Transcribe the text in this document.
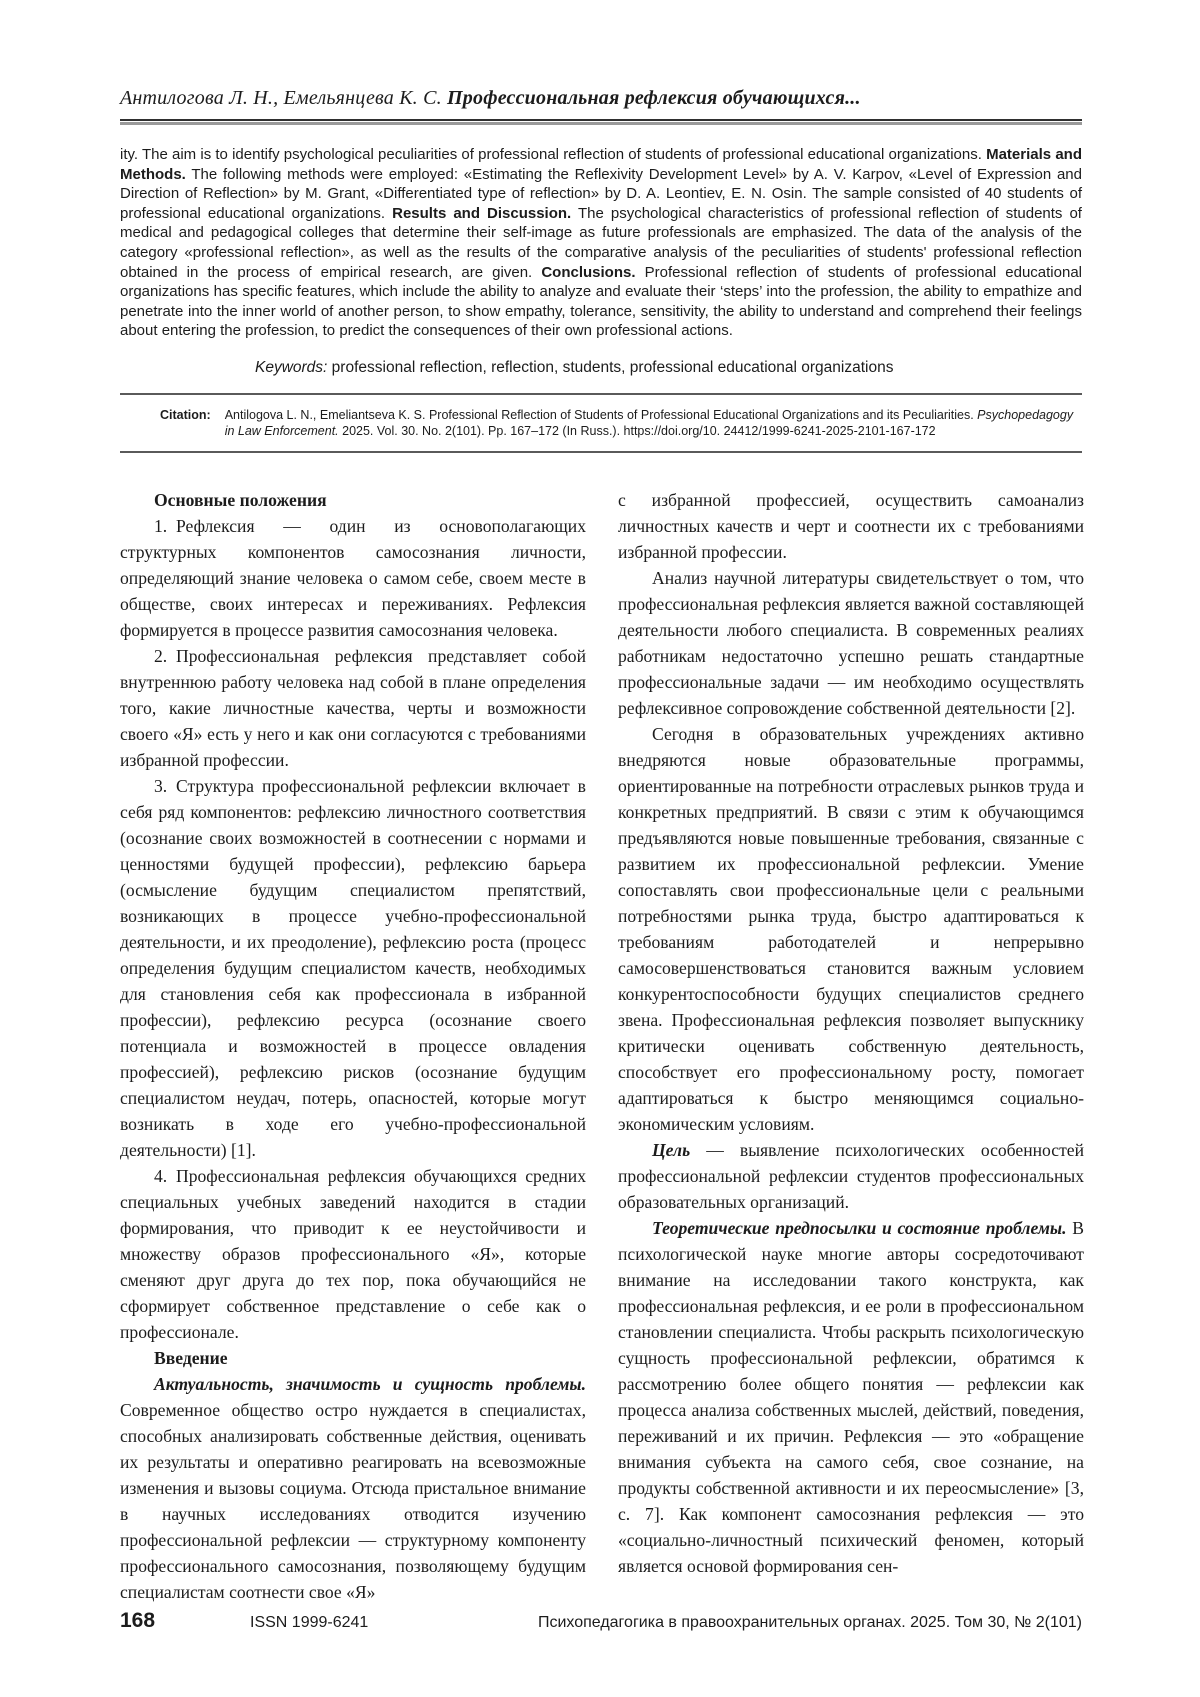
Антилогова Л. Н., Емельянцева К. С. Профессиональная рефлексия обучающихся...
ity. The aim is to identify psychological peculiarities of professional reflection of students of professional educational organizations. Materials and Methods. The following methods were employed: «Estimating the Reflexivity Development Level» by A. V. Karpov, «Level of Expression and Direction of Reflection» by M. Grant, «Differentiated type of reflection» by D. A. Leontiev, E. N. Osin. The sample consisted of 40 students of professional educational organizations. Results and Discussion. The psychological characteristics of professional reflection of students of medical and pedagogical colleges that determine their self-image as future professionals are emphasized. The data of the analysis of the category «professional reflection», as well as the results of the comparative analysis of the peculiarities of students' professional reflection obtained in the process of empirical research, are given. Conclusions. Professional reflection of students of professional educational organizations has specific features, which include the ability to analyze and evaluate their ‘steps’ into the profession, the ability to empathize and penetrate into the inner world of another person, to show empathy, tolerance, sensitivity, the ability to understand and comprehend their feelings about entering the profession, to predict the consequences of their own professional actions.
Keywords: professional reflection, reflection, students, professional educational organizations
Citation: Antilogova L. N., Emeliantseva K. S. Professional Reflection of Students of Professional Educational Organizations and its Peculiarities. Psychopedagogy in Law Enforcement. 2025. Vol. 30. No. 2(101). Pp. 167–172 (In Russ.). https://doi.org/10. 24412/1999-6241-2025-2101-167-172
Основные положения
1. Рефлексия — один из основополагающих структурных компонентов самосознания личности, определяющий знание человека о самом себе, своем месте в обществе, своих интересах и переживаниях. Рефлексия формируется в процессе развития самосознания человека.
2. Профессиональная рефлексия представляет собой внутреннюю работу человека над собой в плане определения того, какие личностные качества, черты и возможности своего «Я» есть у него и как они согласуются с требованиями избранной профессии.
3. Структура профессиональной рефлексии включает в себя ряд компонентов: рефлексию личностного соответствия (осознание своих возможностей в соотнесении с нормами и ценностями будущей профессии), рефлексию барьера (осмысление будущим специалистом препятствий, возникающих в процессе учебно-профессиональной деятельности, и их преодоление), рефлексию роста (процесс определения будущим специалистом качеств, необходимых для становления себя как профессионала в избранной профессии), рефлексию ресурса (осознание своего потенциала и возможностей в процессе овладения профессией), рефлексию рисков (осознание будущим специалистом неудач, потерь, опасностей, которые могут возникать в ходе его учебно-профессиональной деятельности) [1].
4. Профессиональная рефлексия обучающихся средних специальных учебных заведений находится в стадии формирования, что приводит к ее неустойчивости и множеству образов профессионального «Я», которые сменяют друг друга до тех пор, пока обучающийся не сформирует собственное представление о себе как о профессионале.
Введение
Актуальность, значимость и сущность проблемы. Современное общество остро нуждается в специалистах, способных анализировать собственные действия, оценивать их результаты и оперативно реагировать на всевозможные изменения и вызовы социума. Отсюда пристальное внимание в научных исследованиях отводится изучению профессиональной рефлексии — структурному компоненту профессионального самосознания, позволяющему будущим специалистам соотнести свое «Я»
с избранной профессией, осуществить самоанализ личностных качеств и черт и соотнести их с требованиями избранной профессии.
Анализ научной литературы свидетельствует о том, что профессиональная рефлексия является важной составляющей деятельности любого специалиста. В современных реалиях работникам недостаточно успешно решать стандартные профессиональные задачи — им необходимо осуществлять рефлексивное сопровождение собственной деятельности [2].
Сегодня в образовательных учреждениях активно внедряются новые образовательные программы, ориентированные на потребности отраслевых рынков труда и конкретных предприятий. В связи с этим к обучающимся предъявляются новые повышенные требования, связанные с развитием их профессиональной рефлексии. Умение сопоставлять свои профессиональные цели с реальными потребностями рынка труда, быстро адаптироваться к требованиям работодателей и непрерывно самосовершенствоваться становится важным условием конкурентоспособности будущих специалистов среднего звена. Профессиональная рефлексия позволяет выпускнику критически оценивать собственную деятельность, способствует его профессиональному росту, помогает адаптироваться к быстро меняющимся социально-экономическим условиям.
Цель — выявление психологических особенностей профессиональной рефлексии студентов профессиональных образовательных организаций.
Теоретические предпосылки и состояние проблемы. В психологической науке многие авторы сосредоточивают внимание на исследовании такого конструкта, как профессиональная рефлексия, и ее роли в профессиональном становлении специалиста. Чтобы раскрыть психологическую сущность профессиональной рефлексии, обратимся к рассмотрению более общего понятия — рефлексии как процесса анализа собственных мыслей, действий, поведения, переживаний и их причин. Рефлексия — это «обращение внимания субъекта на самого себя, свое сознание, на продукты собственной активности и их переосмысление» [3, с. 7]. Как компонент самосознания рефлексия — это «социально-личностный психический феномен, который является основой формирования сен-
168	ISSN 1999-6241	Психопедагогика в правоохранительных органах. 2025. Том 30, № 2(101)
